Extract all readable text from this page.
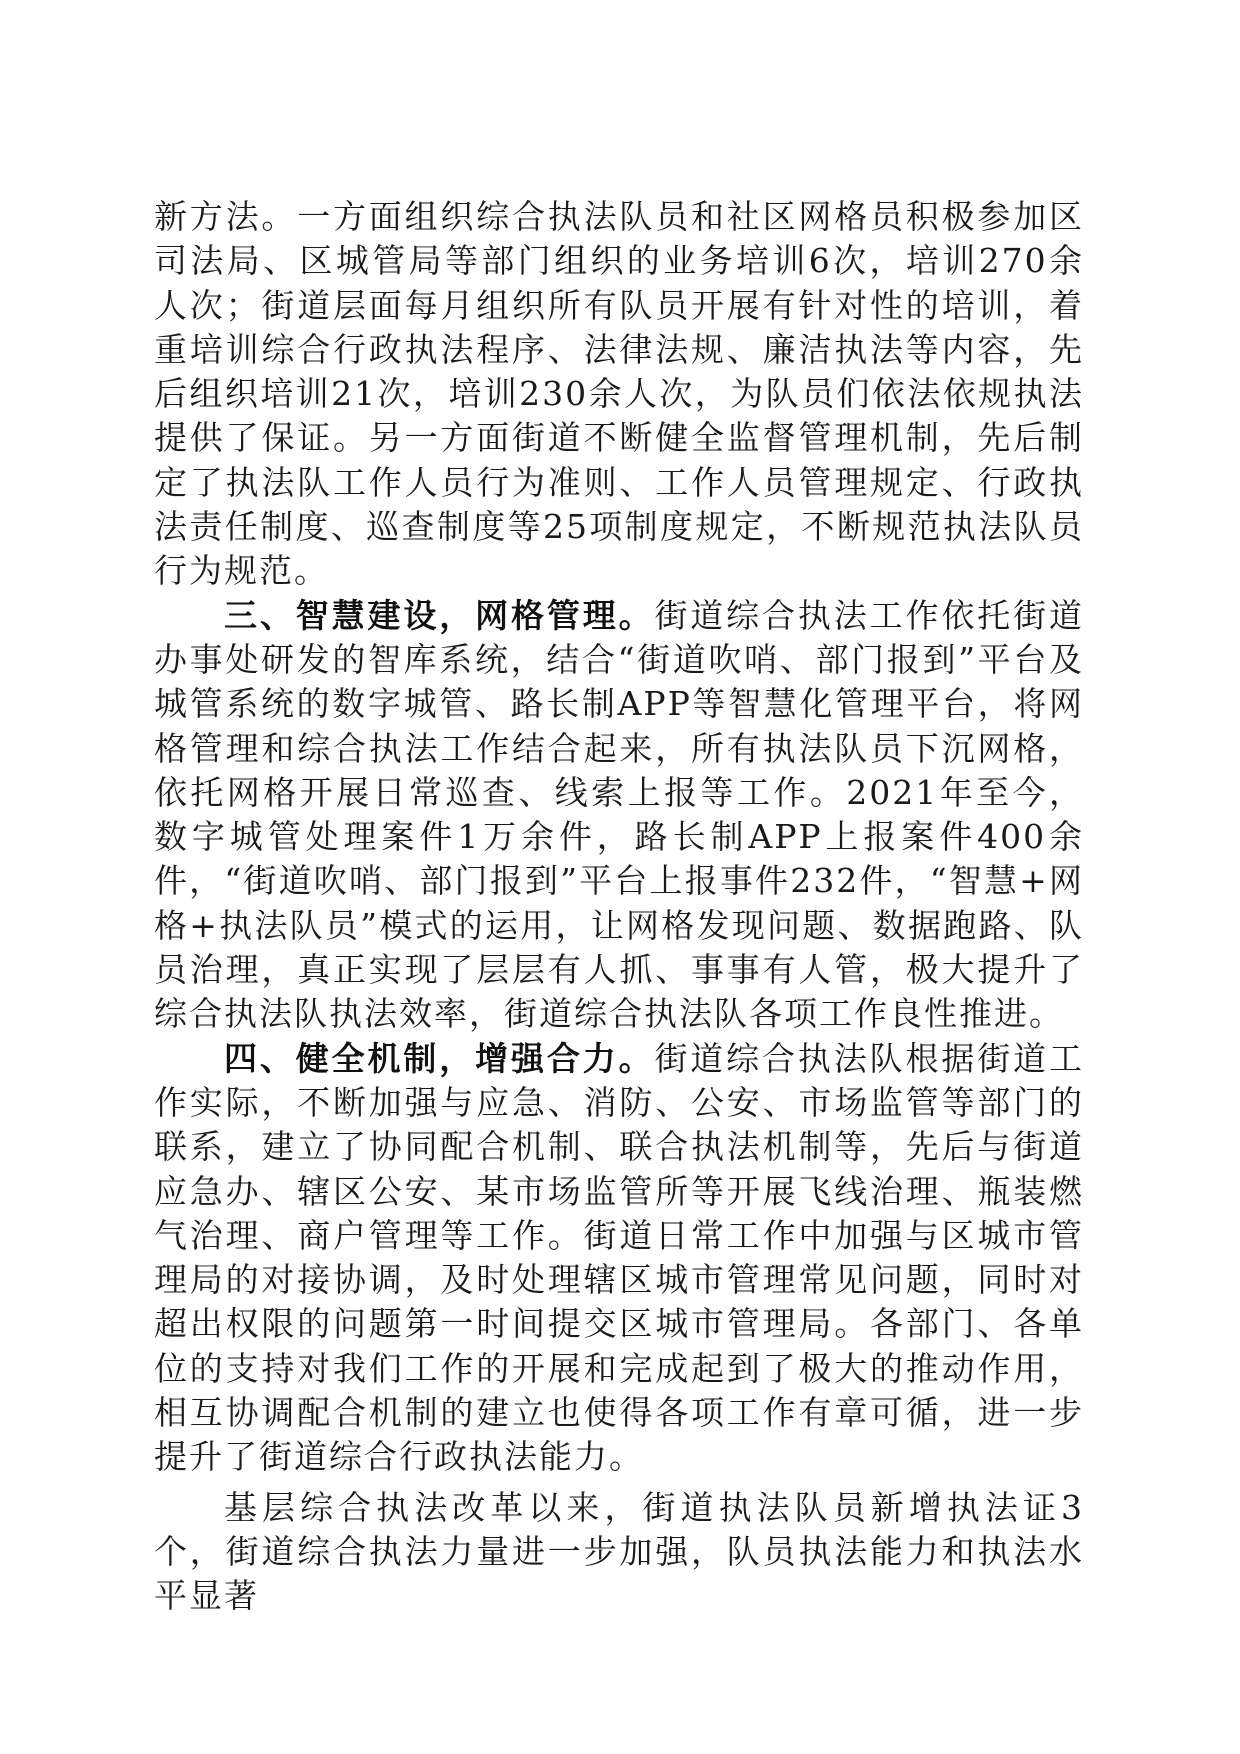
新方法。一方面组织综合执法队员和社区网格员积极参加区司法局、区城管局等部门组织的业务培训6次，培训270余人次；街道层面每月组织所有队员开展有针对性的培训，着重培训综合行政执法程序、法律法规、廉洁执法等内容，先后组织培训21次，培训230余人次，为队员们依法依规执法提供了保证。另一方面街道不断健全监督管理机制，先后制定了执法队工作人员行为准则、工作人员管理规定、行政执法责任制度、巡查制度等25项制度规定，不断规范执法队员行为规范。

三、智慧建设，网格管理。街道综合执法工作依托街道办事处研发的智库系统，结合“街道吹哨、部门报到”平台及城管系统的数字城管、路长制APP等智慧化管理平台，将网格管理和综合执法工作结合起来，所有执法队员下沉网格，依托网格开展日常巡查、线索上报等工作。2021年至今，数字城管处理案件1万余件，路长制APP上报案件400余件，“街道吹哨、部门报到”平台上报事件232件，“智慧+网格+执法队员”模式的运用，让网格发现问题、数据跑路、队员治理，真正实现了层层有人抓、事事有人管，极大提升了综合执法队执法效率，街道综合执法队各项工作良性推进。

四、健全机制，增强合力。街道综合执法队根据街道工作实际，不断加强与应急、消防、公安、市场监管等部门的联系，建立了协同配合机制、联合执法机制等，先后与街道应急办、辖区公安、某市场监管所等开展飞线治理、瓶装燃气治理、商户管理等工作。街道日常工作中加强与区城市管理局的对接协调，及时处理辖区城市管理常见问题，同时对超出权限的问题第一时间提交区城市管理局。各部门、各单位的支持对我们工作的开展和完成起到了极大的推动作用，相互协调配合机制的建立也使得各项工作有章可循，进一步提升了街道综合行政执法能力。

基层综合执法改革以来，街道执法队员新增执法证3个，街道综合执法力量进一步加强，队员执法能力和执法水平显著
